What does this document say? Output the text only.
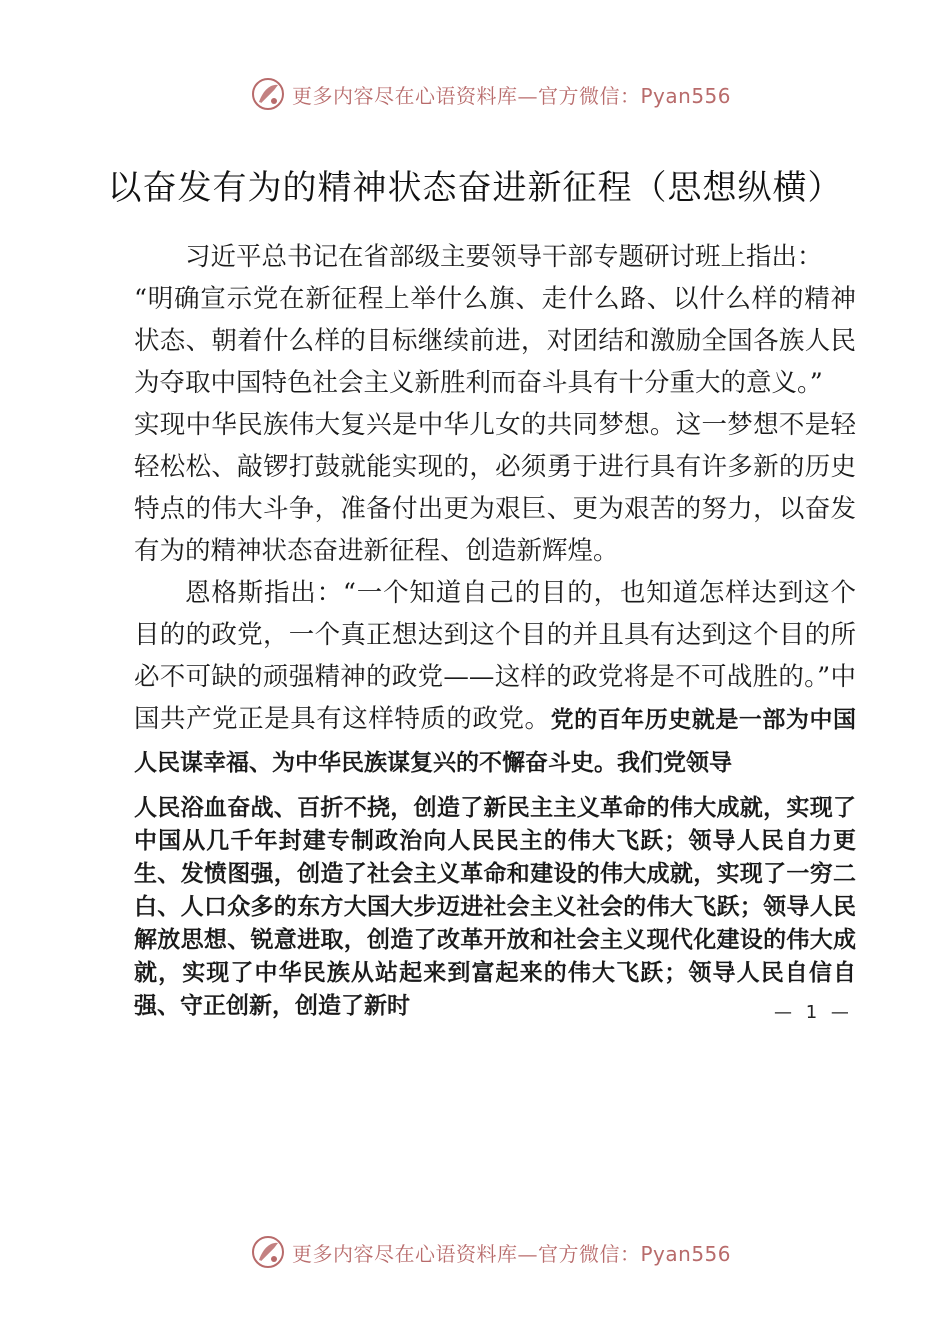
更多内容尽在心语资料库—官方微信：Pyan556
以奋发有为的精神状态奋进新征程（思想纵横）

习近平总书记在省部级主要领导干部专题研讨班上指出：

“明确宣示党在新征程上举什么旗、走什么路、以什么样的精神状态、朝着什么样的目标继续前进，对团结和激励全国各族人民为夺取中国特色社会主义新胜利而奋斗具有十分重大的意义。”

实现中华民族伟大复兴是中华儿女的共同梦想。这一梦想不是轻轻松松、敲锣打鼓就能实现的，必须勇于进行具有许多新的历史特点的伟大斗争，准备付出更为艰巨、更为艰苦的努力，以奋发有为的精神状态奋进新征程、创造新辉煌。

恩格斯指出：“一个知道自己的目的，也知道怎样达到这个目的的政党，一个真正想达到这个目的并且具有达到这个目的所必不可缺的顽强精神的政党——这样的政党将是不可战胜的。”中国共产党正是具有这样特质的政党。党的百年历史就是一部为中国人民谋幸福、为中华民族谋复兴的不懈奋斗史。我们党领导

人民浴血奋战、百折不挠，创造了新民主主义革命的伟大成就，实现了中国从几千年封建专制政治向人民民主的伟大飞跃；领导人民自力更生、发愤图强，创造了社会主义革命和建设的伟大成就，实现了一穷二白、人口众多的东方大国大步迈进社会主义社会的伟大飞跃；领导人民解放思想、锐意进取，创造了改革开放和社会主义现代化建设的伟大成就，实现了中华民族从站起来到富起来的伟大飞跃；领导人民自信自强、守正创新，创造了新时	— 1 —
更多内容尽在心语资料库—官方微信：Pyan556
